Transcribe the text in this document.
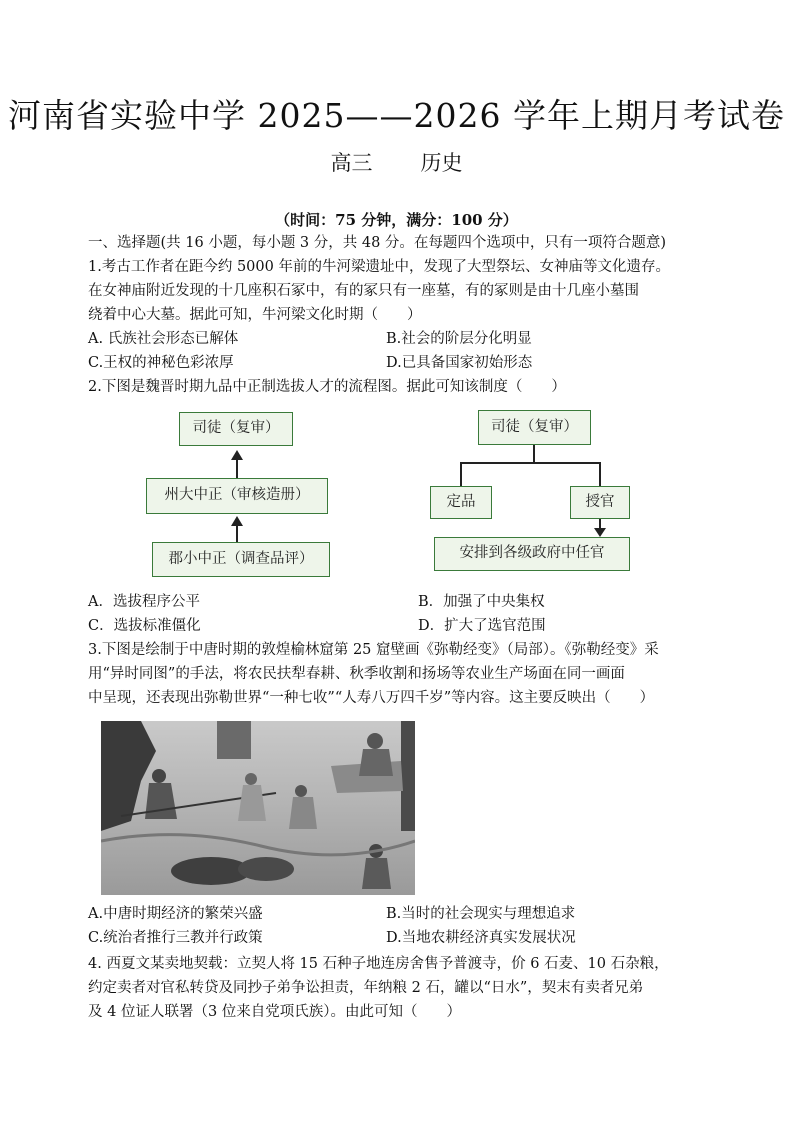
河南省实验中学 2025——2026 学年上期月考试卷
高三 历史
（时间：75 分钟，满分：100 分）
一、选择题(共 16 小题，每小题 3 分，共 48 分。在每题四个选项中，只有一项符合题意)
1.考古工作者在距今约 5000 年前的牛河梁遗址中，发现了大型祭坛、女神庙等文化遗存。
在女神庙附近发现的十几座积石冢中，有的冢只有一座墓，有的冢则是由十几座小墓围
绕着中心大墓。据此可知，牛河梁文化时期（　　）
A. 氏族社会形态已解体	B.社会的阶层分化明显
C.王权的神秘色彩浓厚	D.已具备国家初始形态
2.下图是魏晋时期九品中正制选拔人才的流程图。据此可知该制度（　　）
司徒（复审）
州大中正（审核造册）
郡小中正（调查品评）
司徒（复审）
定品	授官
安排到各级政府中任官
A．选拔程序公平	B．加强了中央集权
C．选拔标准僵化	D．扩大了选官范围
3.下图是绘制于中唐时期的敦煌榆林窟第 25 窟壁画《弥勒经变》（局部）。《弥勒经变》采
用“异时同图”的手法，将农民扶犁春耕、秋季收割和扬场等农业生产场面在同一画面
中呈现，还表现出弥勒世界“一种七收”“人寿八万四千岁”等内容。这主要反映出（　　）
A.中唐时期经济的繁荣兴盛	B.当时的社会现实与理想追求
C.统治者推行三教并行政策	D.当地农耕经济真实发展状况
4. 西夏文某卖地契载：立契人将 15 石种子地连房舍售予普渡寺，价 6 石麦、10 石杂粮，
约定卖者对官私转贷及同抄子弟争讼担责，年纳粮 2 石，罐以“日水”，契末有卖者兄弟
及 4 位证人联署（3 位来自党项氏族）。由此可知（　　）
